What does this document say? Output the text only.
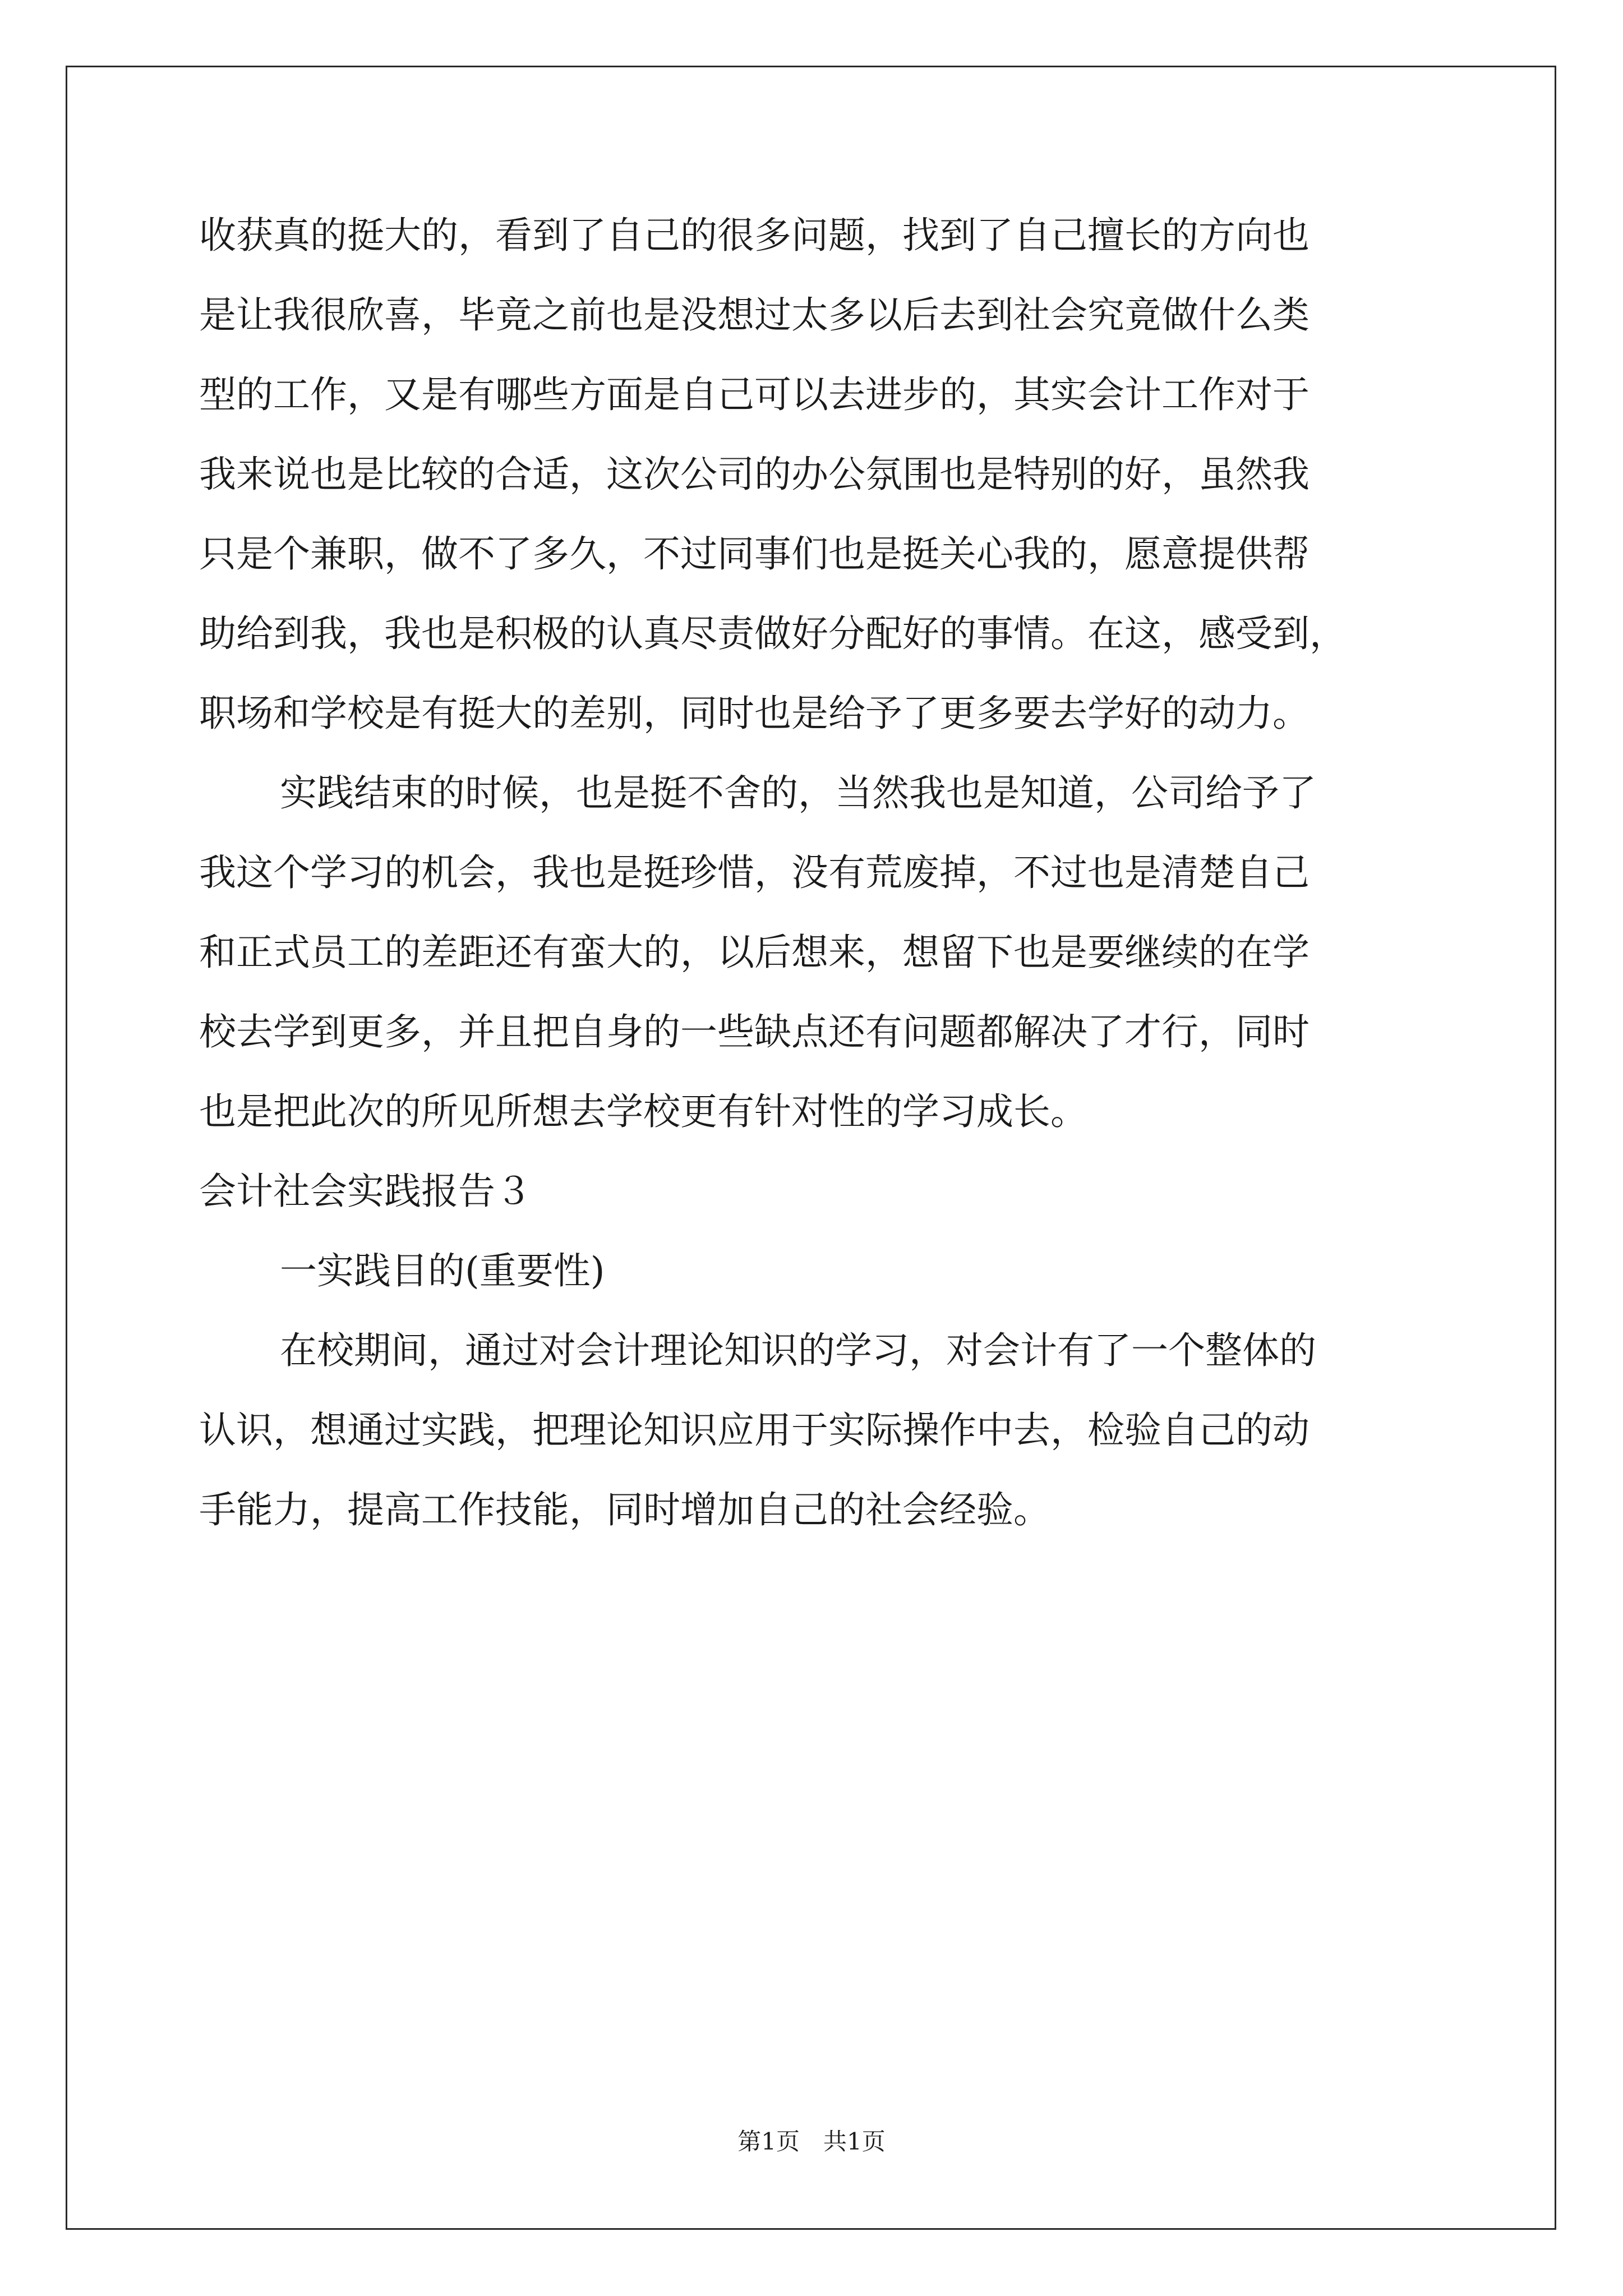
收获真的挺大的，看到了自己的很多问题，找到了自己擅长的方向也
是让我很欣喜，毕竟之前也是没想过太多以后去到社会究竟做什么类
型的工作，又是有哪些方面是自己可以去进步的，其实会计工作对于
我来说也是比较的合适，这次公司的办公氛围也是特别的好，虽然我
只是个兼职，做不了多久，不过同事们也是挺关心我的，愿意提供帮
助给到我，我也是积极的认真尽责做好分配好的事情。在这，感受到，
职场和学校是有挺大的差别，同时也是给予了更多要去学好的动力。
实践结束的时候，也是挺不舍的，当然我也是知道，公司给予了
我这个学习的机会，我也是挺珍惜，没有荒废掉，不过也是清楚自己
和正式员工的差距还有蛮大的，以后想来，想留下也是要继续的在学
校去学到更多，并且把自身的一些缺点还有问题都解决了才行，同时
也是把此次的所见所想去学校更有针对性的学习成长。
会计社会实践报告３
一实践目的(重要性)
在校期间，通过对会计理论知识的学习，对会计有了一个整体的
认识，想通过实践，把理论知识应用于实际操作中去，检验自己的动
手能力，提高工作技能，同时增加自己的社会经验。
第1页　共1页
